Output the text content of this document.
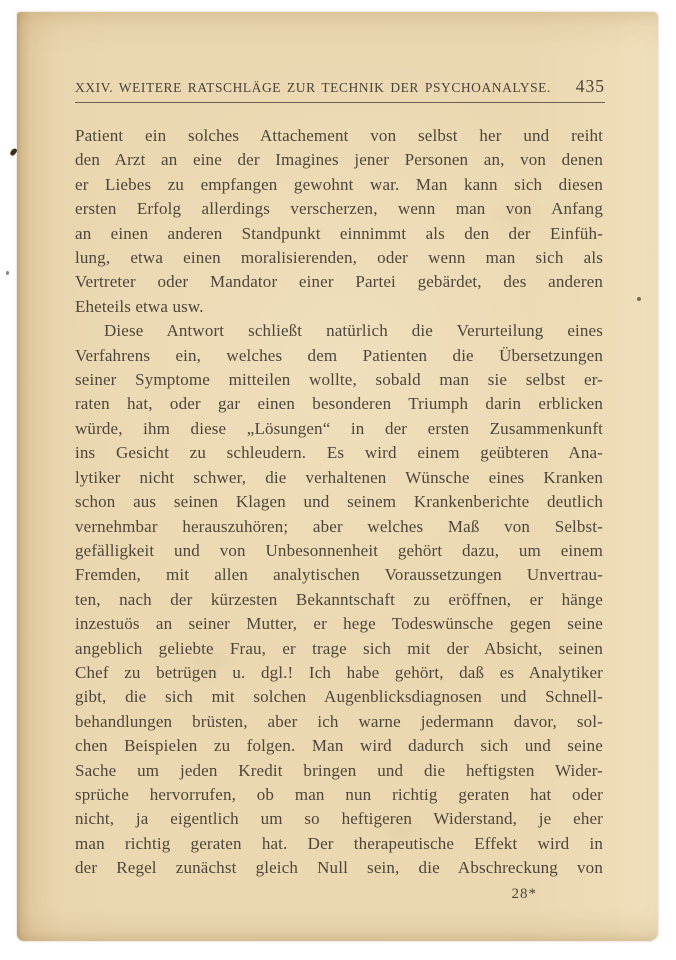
XXIV. WEITERE RATSCHLÄGE ZUR TECHNIK DER PSYCHOANALYSE. 435
Patient ein solches Attachement von selbst her und reiht
den Arzt an eine der Imagines jener Personen an, von denen
er Liebes zu empfangen gewohnt war. Man kann sich diesen
ersten Erfolg allerdings verscherzen, wenn man von Anfang
an einen anderen Standpunkt einnimmt als den der Einfüh-
lung, etwa einen moralisierenden, oder wenn man sich als
Vertreter oder Mandator einer Partei gebärdet, des anderen
Eheteils etwa usw.
Diese Antwort schließt natürlich die Verurteilung eines
Verfahrens ein, welches dem Patienten die Übersetzungen
seiner Symptome mitteilen wollte, sobald man sie selbst er-
raten hat, oder gar einen besonderen Triumph darin erblicken
würde, ihm diese „Lösungen“ in der ersten Zusammenkunft
ins Gesicht zu schleudern. Es wird einem geübteren Ana-
lytiker nicht schwer, die verhaltenen Wünsche eines Kranken
schon aus seinen Klagen und seinem Krankenberichte deutlich
vernehmbar herauszuhören; aber welches Maß von Selbst-
gefälligkeit und von Unbesonnenheit gehört dazu, um einem
Fremden, mit allen analytischen Voraussetzungen Unvertrau-
ten, nach der kürzesten Bekanntschaft zu eröffnen, er hänge
inzestuös an seiner Mutter, er hege Todeswünsche gegen seine
angeblich geliebte Frau, er trage sich mit der Absicht, seinen
Chef zu betrügen u. dgl.! Ich habe gehört, daß es Analytiker
gibt, die sich mit solchen Augenblicksdiagnosen und Schnell-
behandlungen brüsten, aber ich warne jedermann davor, sol-
chen Beispielen zu folgen. Man wird dadurch sich und seine
Sache um jeden Kredit bringen und die heftigsten Wider-
sprüche hervorrufen, ob man nun richtig geraten hat oder
nicht, ja eigentlich um so heftigeren Widerstand, je eher
man richtig geraten hat. Der therapeutische Effekt wird in
der Regel zunächst gleich Null sein, die Abschreckung von
28*
